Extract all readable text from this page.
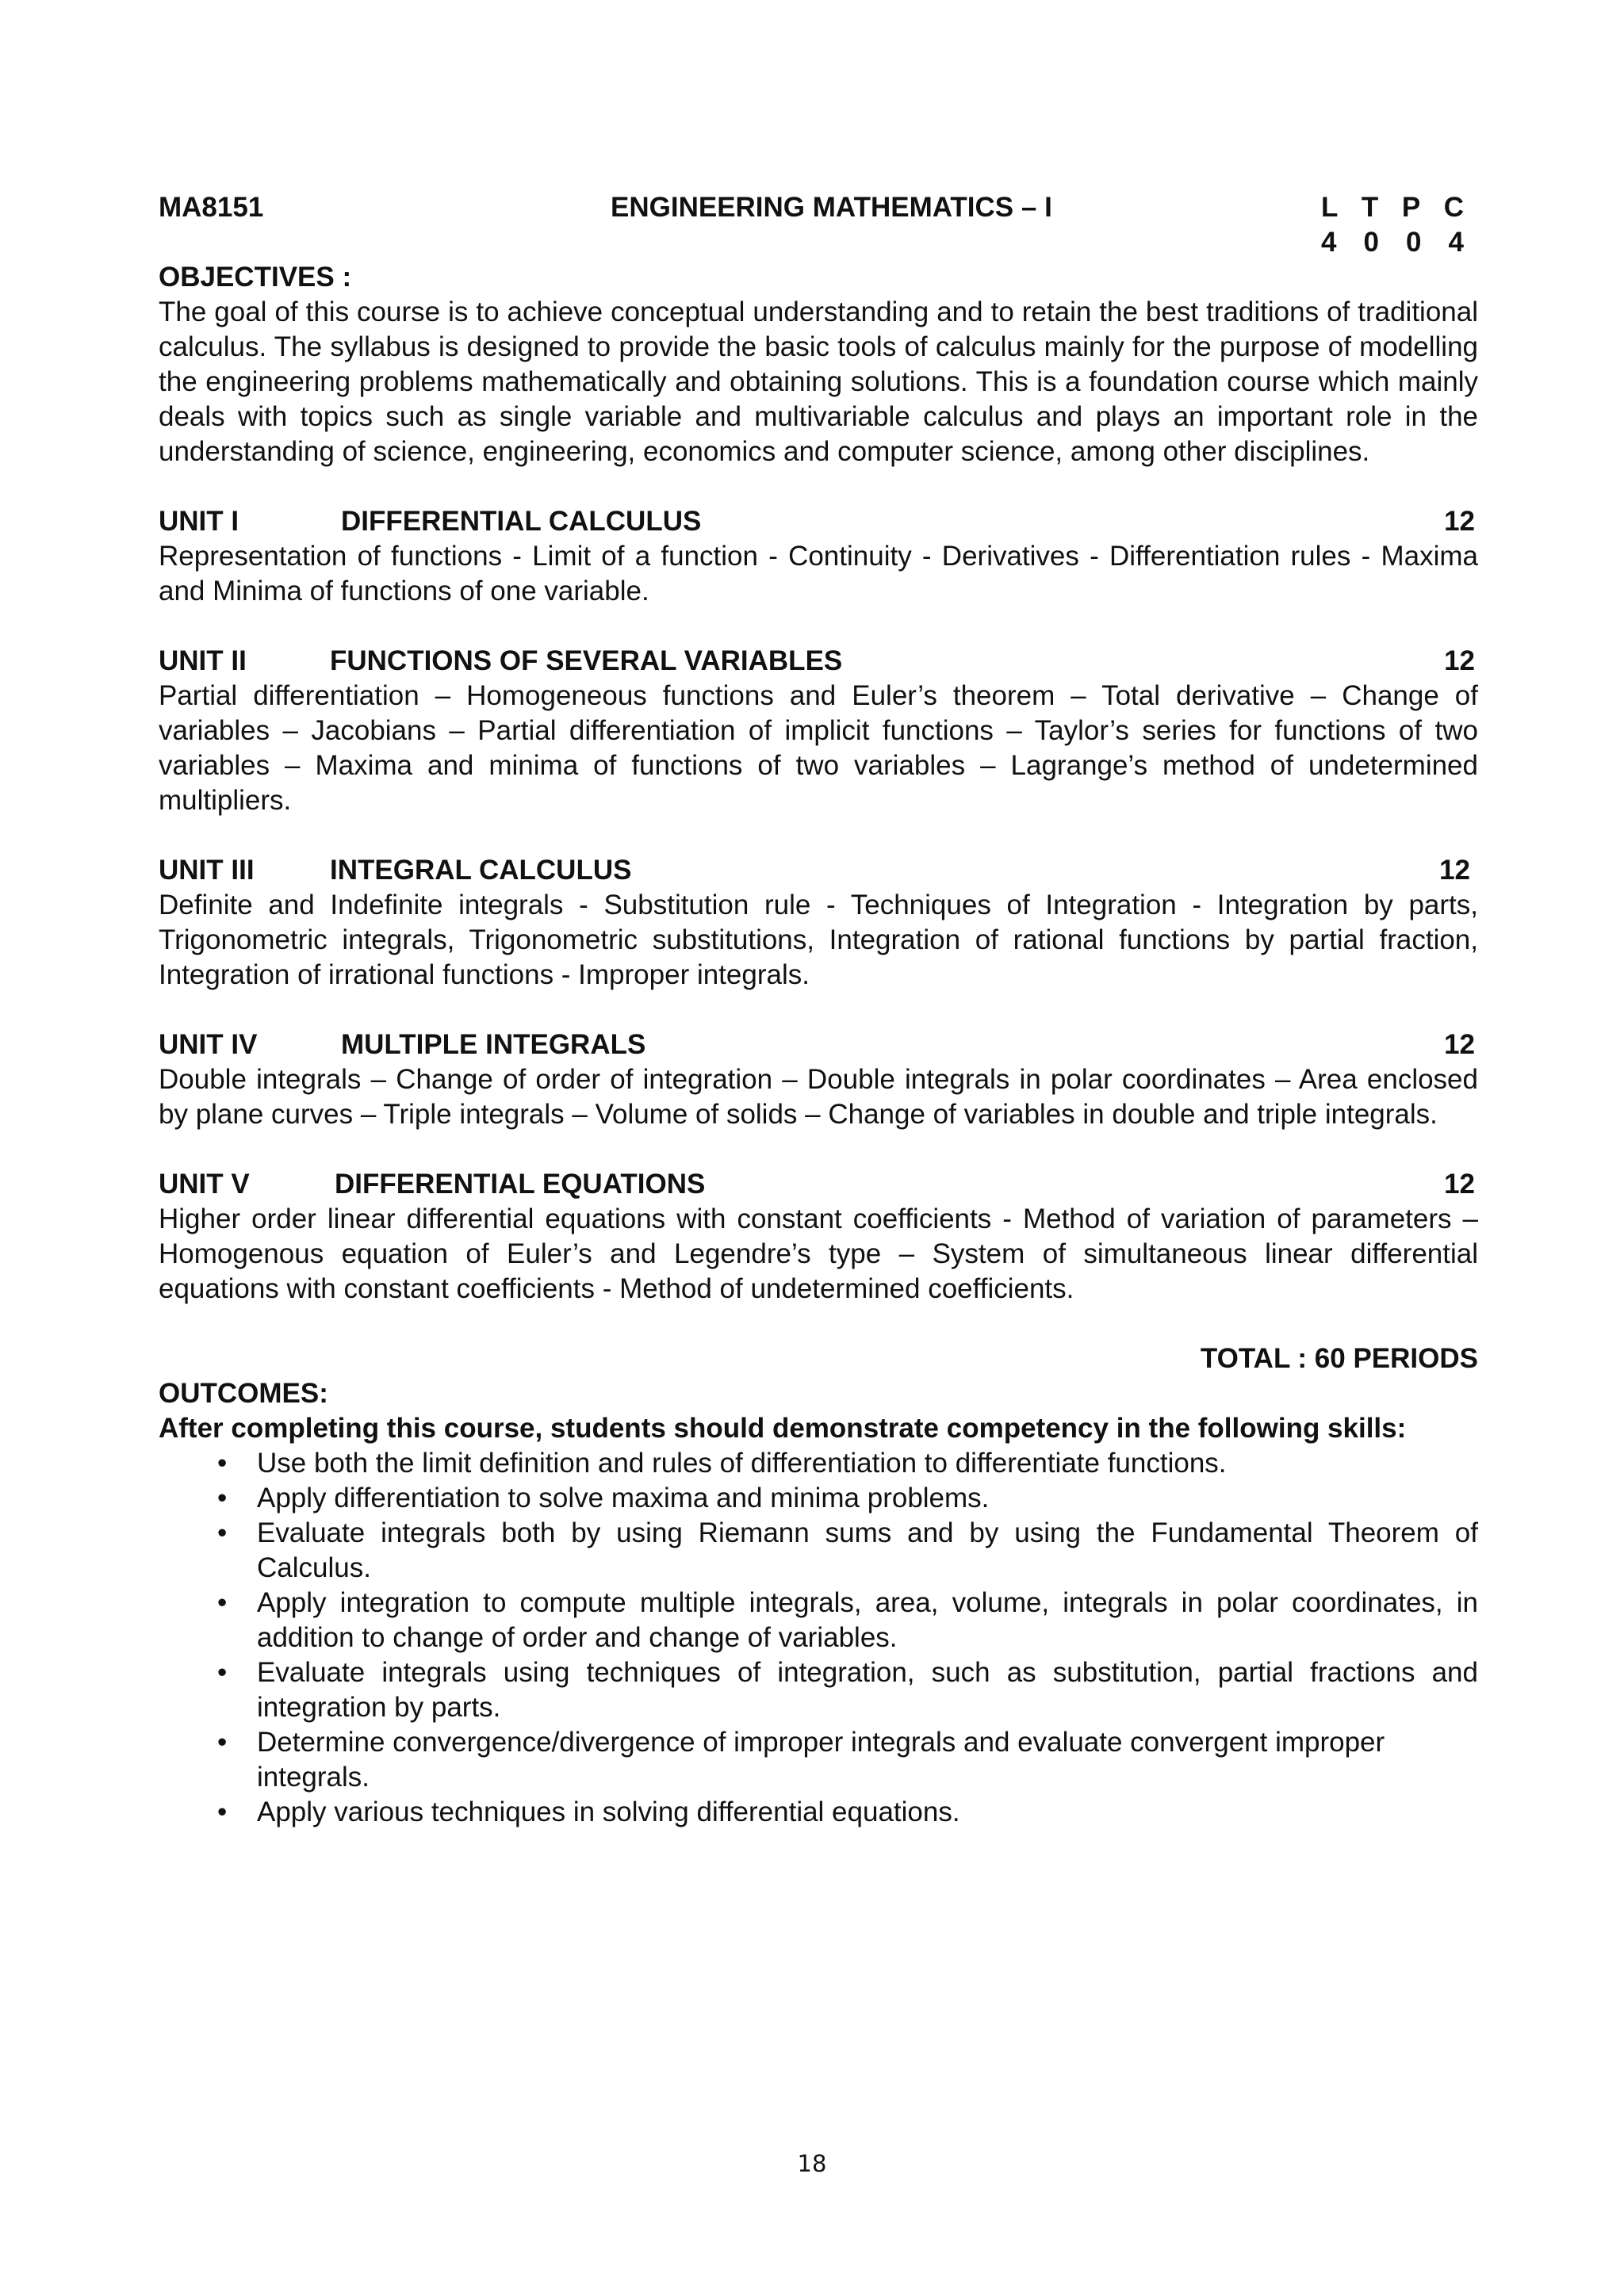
MA8151	ENGINEERING MATHEMATICS – I	L T P C
4 0 0 4
OBJECTIVES :
The goal of this course is to achieve conceptual understanding and to retain the best traditions of traditional calculus. The syllabus is designed to provide the basic tools of calculus mainly for the purpose of modelling the engineering problems mathematically and obtaining solutions. This is a foundation course which mainly deals with topics such as single variable and multivariable calculus and plays an important role in the understanding of science, engineering, economics and computer science, among other disciplines.
UNIT I	DIFFERENTIAL CALCULUS	12
Representation of functions - Limit of a function - Continuity - Derivatives - Differentiation rules - Maxima and Minima of functions of one variable.
UNIT II	FUNCTIONS OF SEVERAL VARIABLES	12
Partial differentiation – Homogeneous functions and Euler’s theorem – Total derivative – Change of variables – Jacobians – Partial differentiation of implicit functions – Taylor’s series for functions of two variables – Maxima and minima of functions of two variables – Lagrange’s method of undetermined multipliers.
UNIT III	INTEGRAL CALCULUS	12
Definite and Indefinite integrals - Substitution rule - Techniques of Integration - Integration by parts, Trigonometric integrals, Trigonometric substitutions, Integration of rational functions by partial fraction, Integration of irrational functions - Improper integrals.
UNIT IV	MULTIPLE INTEGRALS	12
Double integrals – Change of order of integration – Double integrals in polar coordinates – Area enclosed by plane curves – Triple integrals – Volume of solids – Change of variables in double and triple integrals.
UNIT V	DIFFERENTIAL EQUATIONS	12
Higher order linear differential equations with constant coefficients - Method of variation of parameters – Homogenous equation of Euler’s and Legendre’s type – System of simultaneous linear differential equations with constant coefficients - Method of undetermined coefficients.
TOTAL : 60 PERIODS
OUTCOMES:
After completing this course, students should demonstrate competency in the following skills:
• Use both the limit definition and rules of differentiation to differentiate functions.
• Apply differentiation to solve maxima and minima problems.
• Evaluate integrals both by using Riemann sums and by using the Fundamental Theorem of Calculus.
• Apply integration to compute multiple integrals, area, volume, integrals in polar coordinates, in addition to change of order and change of variables.
• Evaluate integrals using techniques of integration, such as substitution, partial fractions and integration by parts.
• Determine convergence/divergence of improper integrals and evaluate convergent improper integrals.
• Apply various techniques in solving differential equations.
18
